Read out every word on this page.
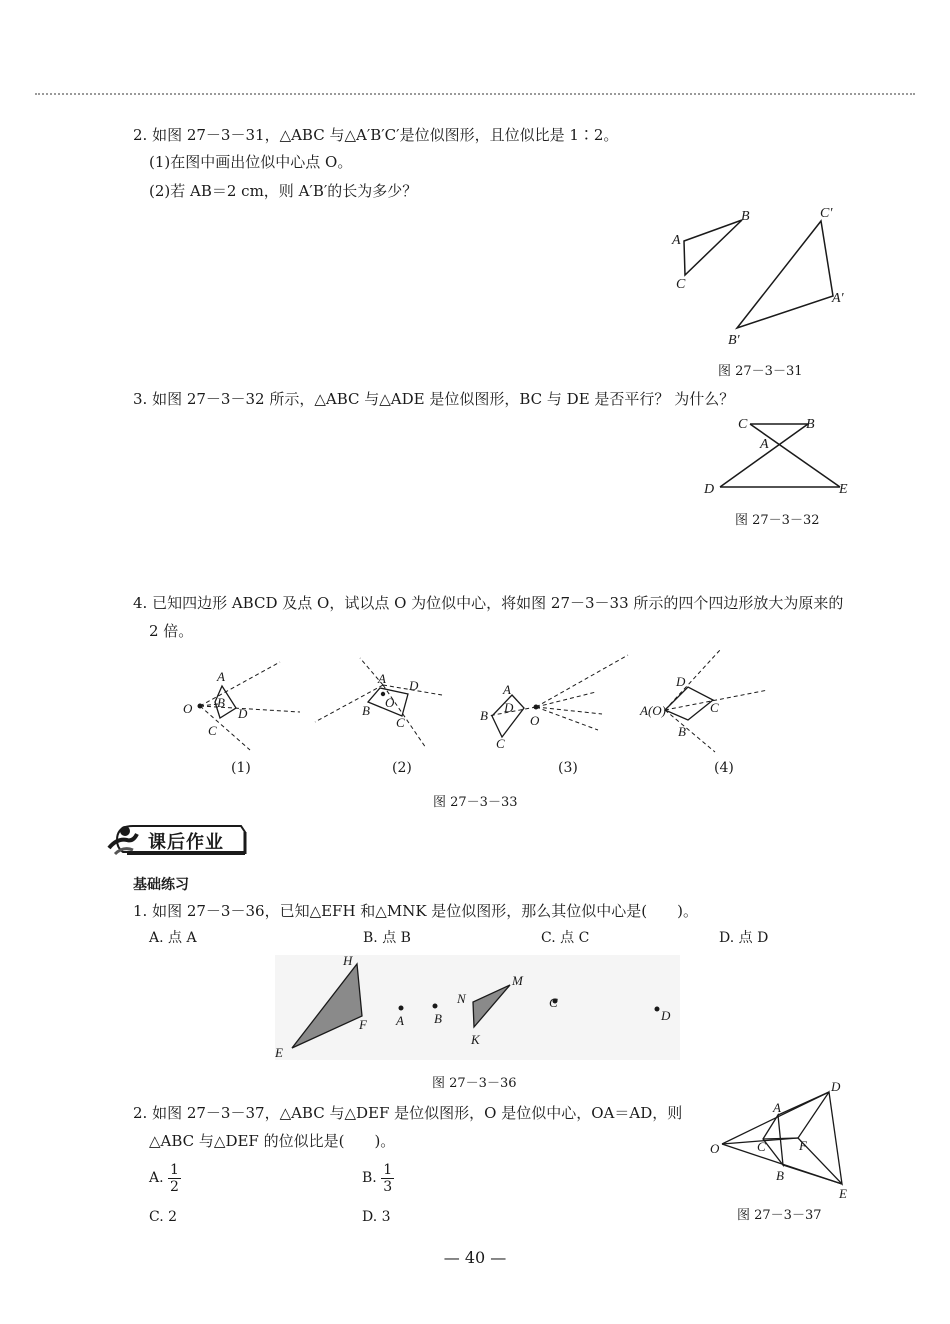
2. 如图 27－3－31，△ABC 与△A′B′C′是位似图形，且位似比是 1∶2。
(1)在图中画出位似中心点 O。
(2)若 AB＝2 cm，则 A′B′的长为多少？
A
B
C
C′
A′
B′
图 27－3－31
3. 如图 27－3－32 所示，△ABC 与△ADE 是位似图形，BC 与 DE 是否平行？ 为什么？
C	B
A
D	E
图 27－3－32
4. 已知四边形 ABCD 及点 O，试以点 O 为位似中心，将如图 27－3－33 所示的四个四边形放大为原来的
2 倍。
O
A
B
D
C
A D
B
O
C
A
D
B	O
C
A(O)
D
C
B
(1)	(2)	(3)	(4)
图 27－3－33
课后作业
基础练习
1. 如图 27－3－36，已知△EFH 和△MNK 是位似图形，那么其位似中心是(　　)。
A. 点 A	B. 点 B	C. 点 C	D. 点 D
H
E
F A B
N
M
K
C
D
图 27－3－36
2. 如图 27－3－37，△ABC 与△DEF 是位似图形，O 是位似中心，OA＝AD，则
△ABC 与△DEF 的位似比是(　　)。
A. $\frac{1}{2}$	B. $\frac{1}{3}$
C. 2	D. 3
O
A
C
B
D
F
E
图 27－3－37
— 40 —
